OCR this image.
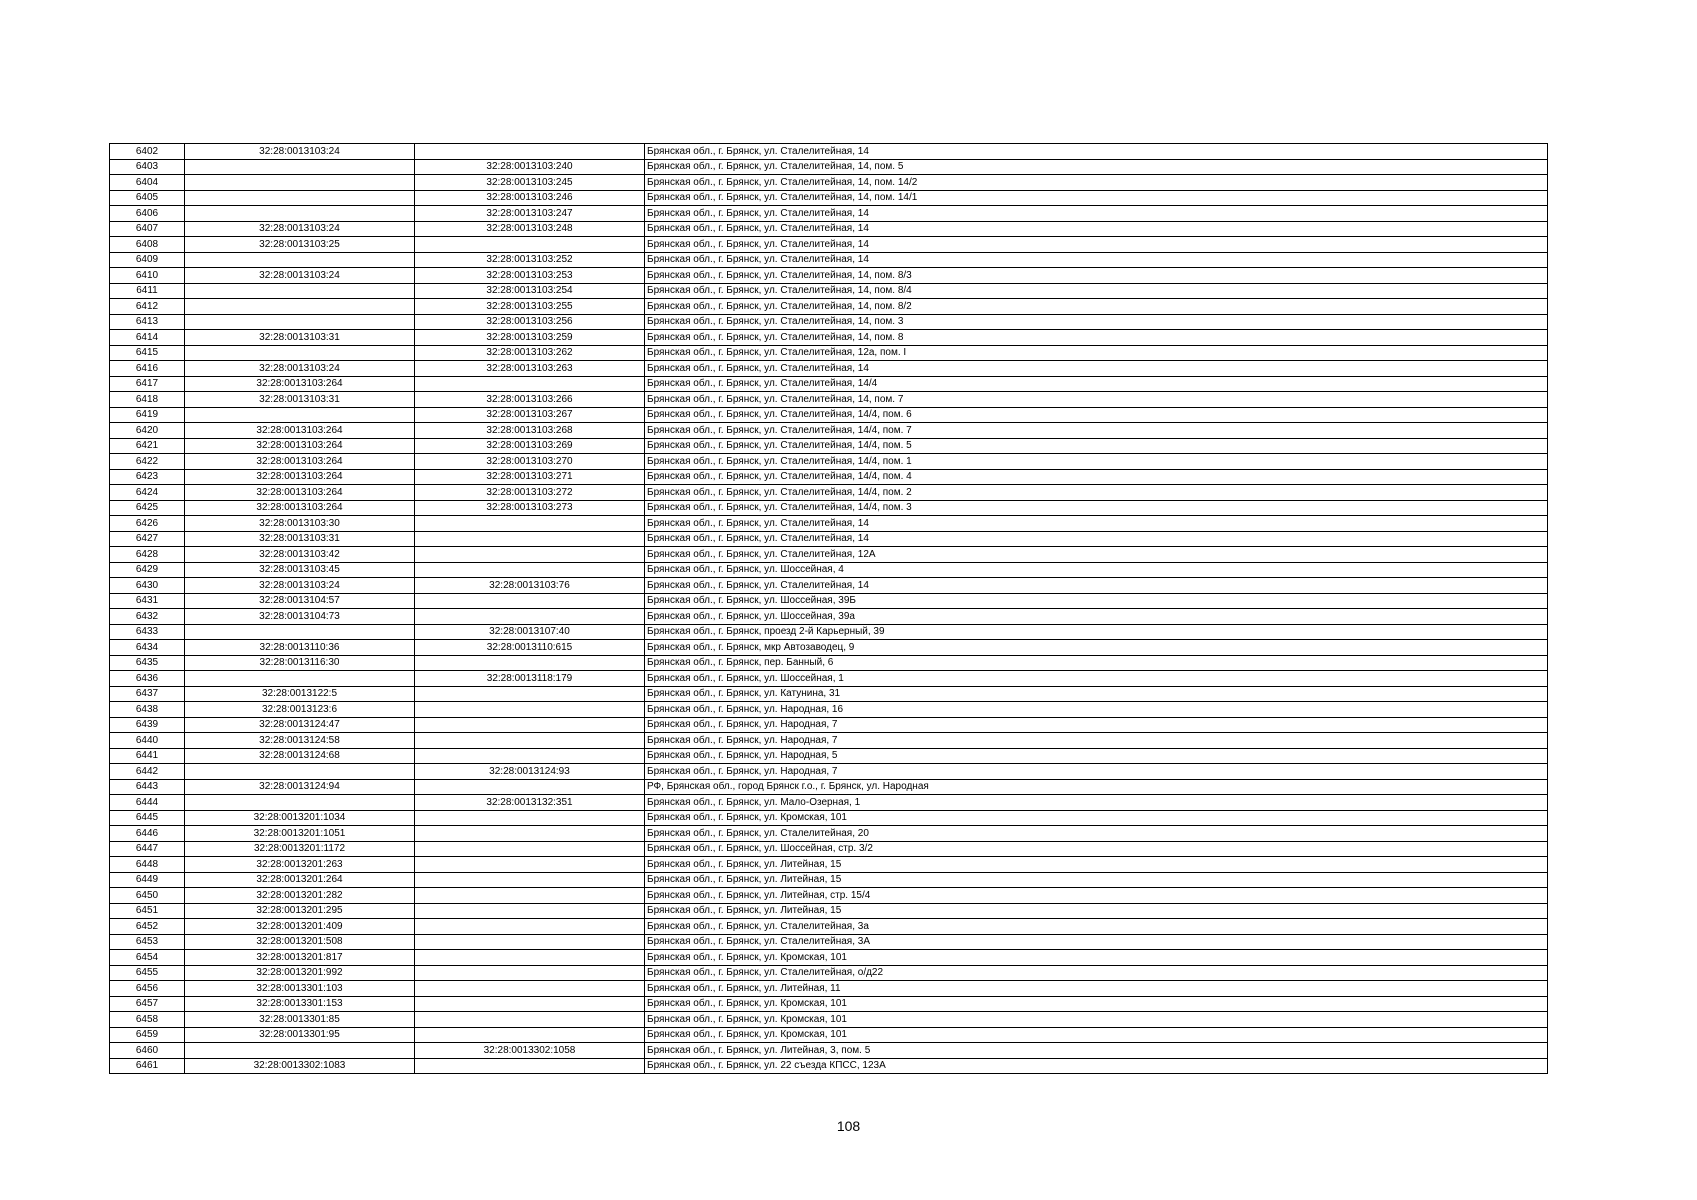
6402	32:28:0013103:24		Брянская обл., г. Брянск, ул. Сталелитейная, 14
6403		32:28:0013103:240	Брянская обл., г. Брянск, ул. Сталелитейная, 14, пом. 5
6404		32:28:0013103:245	Брянская обл., г. Брянск, ул. Сталелитейная, 14, пом. 14/2
6405		32:28:0013103:246	Брянская обл., г. Брянск, ул. Сталелитейная, 14, пом. 14/1
6406		32:28:0013103:247	Брянская обл., г. Брянск, ул. Сталелитейная, 14
6407	32:28:0013103:24	32:28:0013103:248	Брянская обл., г. Брянск, ул. Сталелитейная, 14
6408	32:28:0013103:25		Брянская обл., г. Брянск, ул. Сталелитейная, 14
6409		32:28:0013103:252	Брянская обл., г. Брянск, ул. Сталелитейная, 14
6410	32:28:0013103:24	32:28:0013103:253	Брянская обл., г. Брянск, ул. Сталелитейная, 14, пом. 8/3
6411		32:28:0013103:254	Брянская обл., г. Брянск, ул. Сталелитейная, 14, пом. 8/4
6412		32:28:0013103:255	Брянская обл., г. Брянск, ул. Сталелитейная, 14, пом. 8/2
6413		32:28:0013103:256	Брянская обл., г. Брянск, ул. Сталелитейная, 14, пом. 3
6414	32:28:0013103:31	32:28:0013103:259	Брянская обл., г. Брянск, ул. Сталелитейная, 14, пом. 8
6415		32:28:0013103:262	Брянская обл., г. Брянск, ул. Сталелитейная, 12а, пом. I
6416	32:28:0013103:24	32:28:0013103:263	Брянская обл., г. Брянск, ул. Сталелитейная, 14
6417	32:28:0013103:264		Брянская обл., г. Брянск, ул. Сталелитейная, 14/4
6418	32:28:0013103:31	32:28:0013103:266	Брянская обл., г. Брянск, ул. Сталелитейная, 14, пом. 7
6419		32:28:0013103:267	Брянская обл., г. Брянск, ул. Сталелитейная, 14/4, пом. 6
6420	32:28:0013103:264	32:28:0013103:268	Брянская обл., г. Брянск, ул. Сталелитейная, 14/4, пом. 7
6421	32:28:0013103:264	32:28:0013103:269	Брянская обл., г. Брянск, ул. Сталелитейная, 14/4, пом. 5
6422	32:28:0013103:264	32:28:0013103:270	Брянская обл., г. Брянск, ул. Сталелитейная, 14/4, пом. 1
6423	32:28:0013103:264	32:28:0013103:271	Брянская обл., г. Брянск, ул. Сталелитейная, 14/4, пом. 4
6424	32:28:0013103:264	32:28:0013103:272	Брянская обл., г. Брянск, ул. Сталелитейная, 14/4, пом. 2
6425	32:28:0013103:264	32:28:0013103:273	Брянская обл., г. Брянск, ул. Сталелитейная, 14/4, пом. 3
6426	32:28:0013103:30		Брянская обл., г. Брянск, ул. Сталелитейная, 14
6427	32:28:0013103:31		Брянская обл., г. Брянск, ул. Сталелитейная, 14
6428	32:28:0013103:42		Брянская обл., г. Брянск, ул. Сталелитейная, 12А
6429	32:28:0013103:45		Брянская обл., г. Брянск, ул. Шоссейная, 4
6430	32:28:0013103:24	32:28:0013103:76	Брянская обл., г. Брянск, ул. Сталелитейная, 14
6431	32:28:0013104:57		Брянская обл., г. Брянск, ул. Шоссейная, 39Б
6432	32:28:0013104:73		Брянская обл., г. Брянск, ул. Шоссейная, 39а
6433		32:28:0013107:40	Брянская обл., г. Брянск, проезд 2-й Карьерный, 39
6434	32:28:0013110:36	32:28:0013110:615	Брянская обл., г. Брянск, мкр Автозаводец, 9
6435	32:28:0013116:30		Брянская обл., г. Брянск, пер. Банный, 6
6436		32:28:0013118:179	Брянская обл., г. Брянск, ул. Шоссейная, 1
6437	32:28:0013122:5		Брянская обл., г. Брянск, ул. Катунина, 31
6438	32:28:0013123:6		Брянская обл., г. Брянск, ул. Народная, 16
6439	32:28:0013124:47		Брянская обл., г. Брянск, ул. Народная, 7
6440	32:28:0013124:58		Брянская обл., г. Брянск, ул. Народная, 7
6441	32:28:0013124:68		Брянская обл., г. Брянск, ул. Народная, 5
6442		32:28:0013124:93	Брянская обл., г. Брянск, ул. Народная, 7
6443	32:28:0013124:94		РФ, Брянская обл., город Брянск г.о., г. Брянск, ул. Народная
6444		32:28:0013132:351	Брянская обл., г. Брянск, ул. Мало-Озерная, 1
6445	32:28:0013201:1034		Брянская обл., г. Брянск, ул. Кромская, 101
6446	32:28:0013201:1051		Брянская обл., г. Брянск, ул. Сталелитейная, 20
6447	32:28:0013201:1172		Брянская обл., г. Брянск, ул. Шоссейная, стр. 3/2
6448	32:28:0013201:263		Брянская обл., г. Брянск, ул. Литейная, 15
6449	32:28:0013201:264		Брянская обл., г. Брянск, ул. Литейная, 15
6450	32:28:0013201:282		Брянская обл., г. Брянск, ул. Литейная, стр. 15/4
6451	32:28:0013201:295		Брянская обл., г. Брянск, ул. Литейная, 15
6452	32:28:0013201:409		Брянская обл., г. Брянск, ул. Сталелитейная, 3а
6453	32:28:0013201:508		Брянская обл., г. Брянск, ул. Сталелитейная, 3А
6454	32:28:0013201:817		Брянская обл., г. Брянск, ул. Кромская, 101
6455	32:28:0013201:992		Брянская обл., г. Брянск, ул. Сталелитейная, о/д22
6456	32:28:0013301:103		Брянская обл., г. Брянск, ул. Литейная, 11
6457	32:28:0013301:153		Брянская обл., г. Брянск, ул. Кромская, 101
6458	32:28:0013301:85		Брянская обл., г. Брянск, ул. Кромская, 101
6459	32:28:0013301:95		Брянская обл., г. Брянск, ул. Кромская, 101
6460		32:28:0013302:1058	Брянская обл., г. Брянск, ул. Литейная, 3, пом. 5
6461	32:28:0013302:1083		Брянская обл., г. Брянск, ул. 22 съезда КПСС, 123А
108
